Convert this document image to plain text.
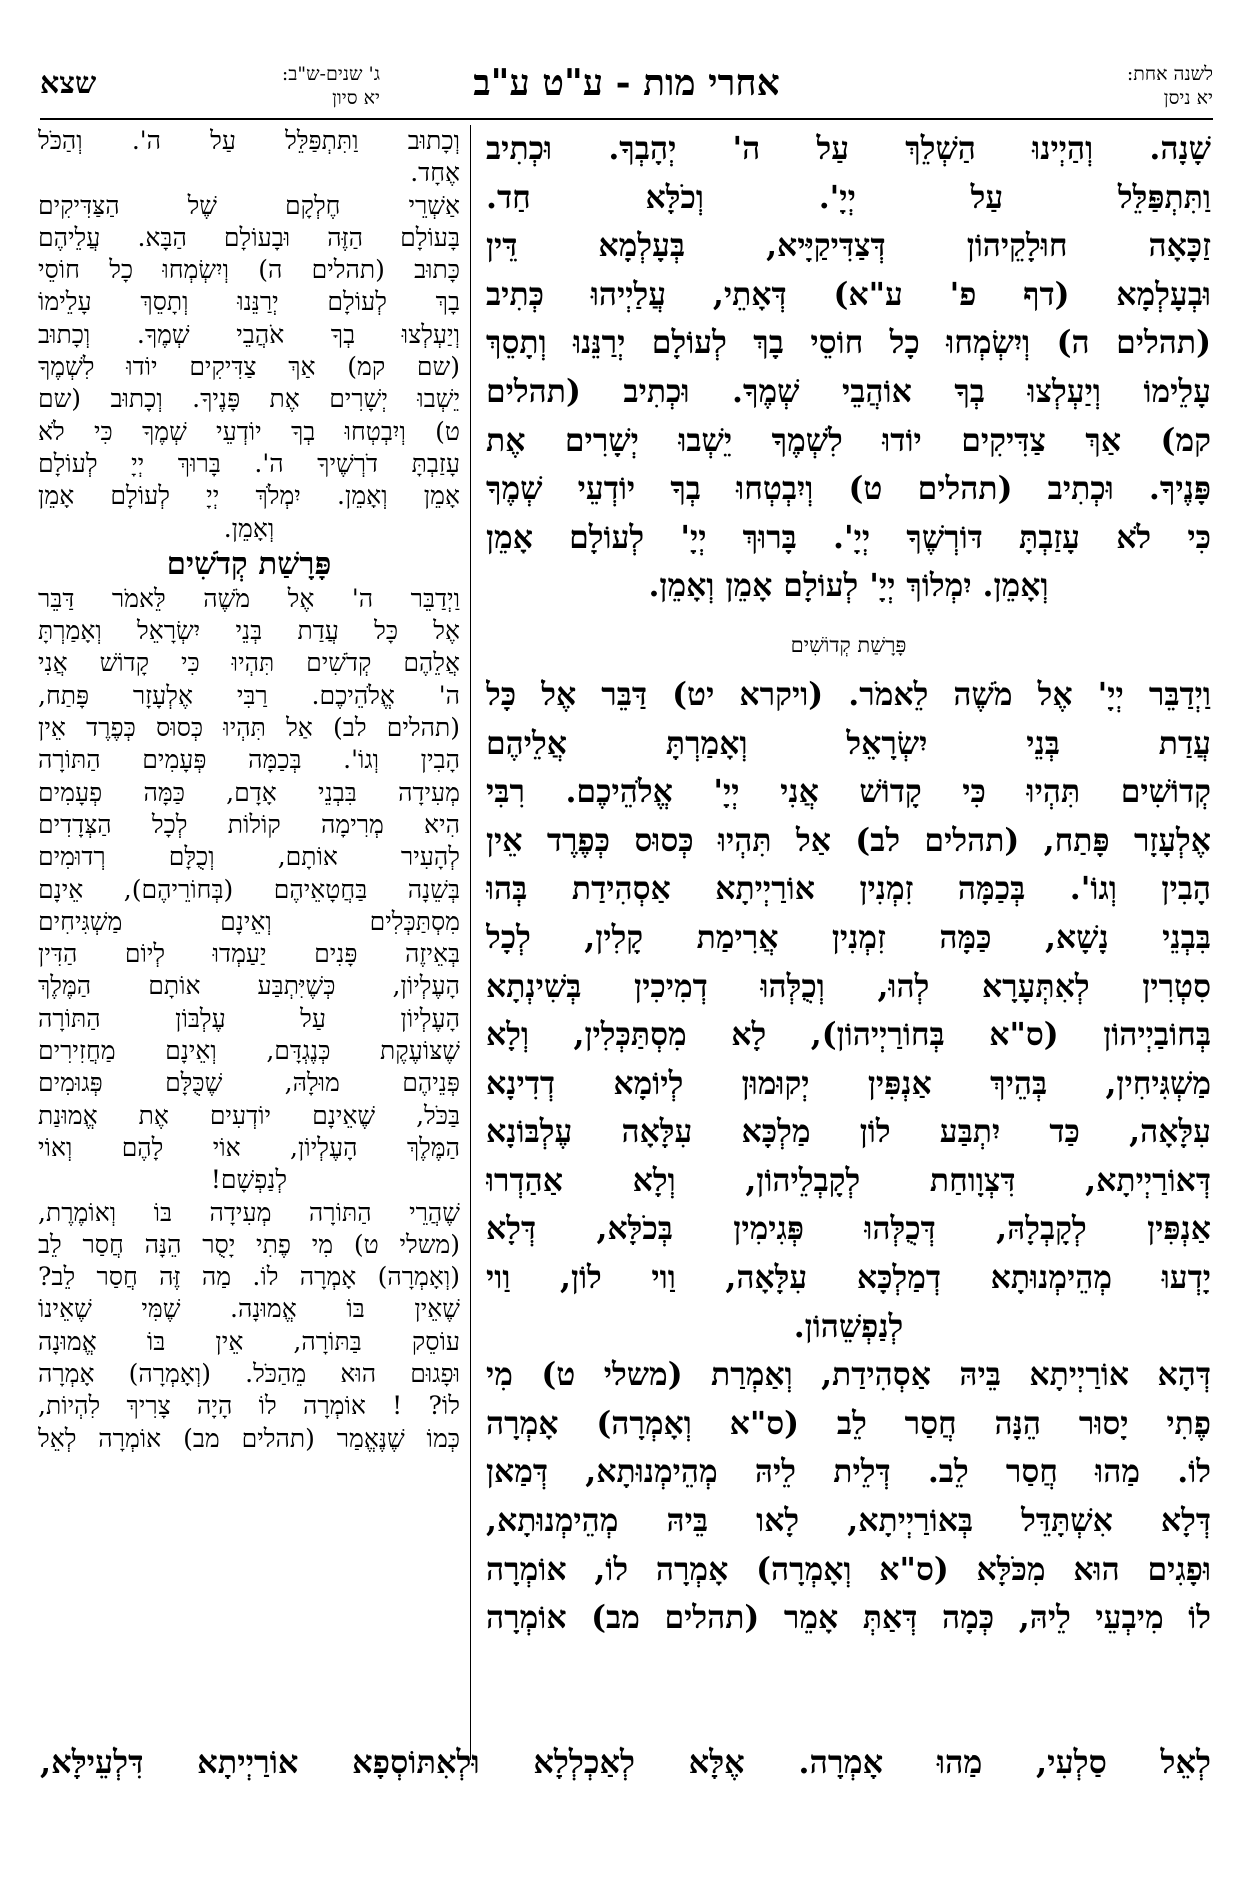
לשנה אחת:
יא ניסן
אחרי מות - ע"ט ע"ב
ג' שנים-ש"ב:
יא סיון
שצא
שָׁנָה. וְהַיְינוּ הַשְׁלֵךְ עַל ה' יְהָבְךָ. וּכְתִיב
וַתִּתְפַּלֵּל עַל יְיָ'. וְכֹלָּא חַד.
זַכָּאָה חוּלָקֵיהוֹן דְּצַדִּיקַיָּיא, בְּעָלְמָא דֵּין
וּבְעָלְמָא (דף פ' ע"א) דְּאָתֵי, עֲלַיְיהוּ כְּתִיב
(תהלים ה) וְיִשְׂמְחוּ כָל חוֹסֵי בָךְ לְעוֹלָם יְרַנֵּנוּ וְתָסֵךְ
עָלֵימוֹ וְיַעְלְצוּ בְךָ אוֹהֲבֵי שְׁמֶךָ. וּכְתִיב (תהלים
קמ) אַךְ צַדִּיקִים יוֹדוּ לִשְׁמֶךָ יֵשְׁבוּ יְשָׁרִים אֶת
פָּנֶיךָ. וּכְתִיב (תהלים ט) וְיִבְטְחוּ בְךָ יוֹדְעֵי שְׁמֶךָ
כִּי לֹא עָזַבְתָּ דּוֹרְשֶׁךָ יְיָ'. בָּרוּךְ יְיָ' לְעוֹלָם אָמֵן
וְאָמֵן. יִמְלוֹךְ יְיָ' לְעוֹלָם אָמֵן וְאָמֵן.
פָּרָשַׁת קְדוֹשִׁים
וַיְדַבֵּר יְיָ' אֶל מֹשֶׁה לֵאמֹר. (ויקרא יט) דַּבֵּר אֶל כָּל
עֲדַת בְּנֵי יִשְׂרָאֵל וְאָמַרְתָּ אֲלֵיהֶם
קְדוֹשִׁים תִּהְיוּ כִּי קָדוֹשׁ אֲנִי יְיָ' אֱלֹהֵיכֶם. רִבִּי
אֶלְעָזָר פָּתַח, (תהלים לב) אַל תִּהְיוּ כְּסוּס כְּפֶרֶד אֵין
הָבִין וְגוֹ'. בְּכַמָּה זִמְנִין אוֹרַיְיתָא אַסְהִידַת בְּהוּ
בִּבְנֵי נָשָׁא, כַּמָּה זִמְנִין אֲרִימַת קָלִין, לְכָל
סִטְרִין לְאִתְּעָרָא לְהוּ, וְכֻלְּהוּ דְמִיכִין בְּשִׁינְתָא
בְּחוֹבַיְיהוֹן (ס"א בְּחוֹרַיְיהוֹן), לָא מִסְתַּכְּלִין, וְלָא
מַשְׁגִּיחִין, בְּהֵיךְ אַנְפִּין יְקוּמוּן לְיוֹמָא דְדִינָא
עִלָּאָה, כַּד יִתְבַּע לוֹן מַלְכָּא עִלָּאָה עֶלְבּוֹנָא
דְּאוֹרַיְיתָא, דִּצְוָוחַת לְקָבְלֵיהוֹן, וְלָא אַהַדְרוּ
אַנְפִּין לְקָבְלָהּ, דְּכֻלְּהוּ פְּגִימִין בְּכֹלָּא, דְּלָא
יָדְעוּ מְהֵימְנוּתָא דְמַלְכָּא עִלָּאָה, וַוי לוֹן, וַוי
לְנַפְשֵׁהוֹן.
דְּהָא אוֹרַיְיתָא בֵּיהּ אַסְהִידַת, וְאַמְרַת (משלי ט) מִי
פֶתִי יָסוּר הֵנָּה חֲסַר לֵב (ס"א וְאָמְרָה) אָמְרָה
לוֹ. מַהוּ חֲסַר לֵב. דְּלֵית לֵיהּ מְהֵימְנוּתָא, דְּמַאן
דְּלָא אִשְׁתָּדֵּל בְּאוֹרַיְיתָא, לָאו בֵּיהּ מְהֵימְנוּתָא,
וּפָגִים הוּא מִכֹּלָּא (ס"א וְאָמְרָה) אָמְרָה לוֹ, אוֹמְרָה
לוֹ מִיבְעֵי לֵיהּ, כְּמָה דְּאַתְּ אָמֵר (תהלים מב) אוֹמְרָה
וְכָתוּב וַתִּתְפַּלֵּל עַל ה'. וְהַכֹּל
אֶחָד.
אַשְׁרֵי חֶלְקָם שֶׁל הַצַּדִּיקִים
בָּעוֹלָם הַזֶּה וּבָעוֹלָם הַבָּא. עֲלֵיהֶם
כָּתוּב (תהלים ה) וְיִשְׂמְחוּ כָל חוֹסֵי
בָךְ לְעוֹלָם יְרַנֵּנוּ וְתָסֵךְ עָלֵימוֹ
וְיַעְלְצוּ בְךָ אֹהֲבֵי שְׁמֶךָ. וְכָתוּב
(שם קמ) אַךְ צַדִּיקִים יוֹדוּ לִשְׁמֶךָ
יֵשְׁבוּ יְשָׁרִים אֶת פָּנֶיךָ. וְכָתוּב (שם
ט) וְיִבְטְחוּ בְךָ יוֹדְעֵי שְׁמֶךָ כִּי לֹא
עָזַבְתָּ דֹרְשֶׁיךָ ה'. בָּרוּךְ יְיָ לְעוֹלָם
אָמֵן וְאָמֵן. יִמְלֹךְ יְיָ לְעוֹלָם אָמֵן
וְאָמֵן.
פָּרָשַׁת קְדֹשִׁים
וַיְדַבֵּר ה' אֶל מֹשֶׁה לֵּאמֹר דַּבֵּר
אֶל כָּל עֲדַת בְּנֵי יִשְׂרָאֵל וְאָמַרְתָּ
אֲלֵהֶם קְדֹשִׁים תִּהְיוּ כִּי קָדוֹשׁ אֲנִי
ה' אֱלֹהֵיכֶם. רַבִּי אֶלְעָזָר פָּתַח,
(תהלים לב) אַל תִּהְיוּ כְּסוּס כְּפֶרֶד אֵין
הָבִין וְגוֹ'. בְּכַמָּה פְּעָמִים הַתּוֹרָה
מְעִידָה בִּבְנֵי אָדָם, כַּמָּה פְעָמִים
הִיא מְרִימָה קוֹלוֹת לְכָל הַצְּדָדִים
לְהָעִיר אוֹתָם, וְכֻלָּם רְדוּמִים
בְּשֵׁנָה בַּחֲטָאֵיהֶם (בְּחוֹרֵיהֶם), אֵינָם
מִסְתַּכְּלִים וְאֵינָם מַשְׁגִּיחִים
בְּאֵיזֶה פָּנִים יַעַמְדוּ לְיוֹם הַדִּין
הָעֶלְיוֹן, כְּשֶׁיִּתְבַּע אוֹתָם הַמֶּלֶךְ
הָעֶלְיוֹן עַל עֶלְבּוֹן הַתּוֹרָה
שֶׁצּוֹעֶקֶת כְּנֶגְדָּם, וְאֵינָם מַחֲזִירִים
פְּנֵיהֶם מוּלָהּ, שֶׁכֻּלָּם פְּגוּמִים
בַּכֹּל, שֶׁאֵינָם יוֹדְעִים אֶת אֱמוּנַת
הַמֶּלֶךְ הָעֶלְיוֹן, אוֹי לָהֶם וְאוֹי
לְנַפְשָׁם!
שֶׁהֲרֵי הַתּוֹרָה מְעִידָה בּוֹ וְאוֹמֶרֶת,
(משלי ט) מִי פֶתִי יָסֻר הֵנָּה חֲסַר לֵב
(וְאָמְרָה) אָמְרָה לוֹ. מַה זֶּה חֲסַר לֵב?
שֶׁאֵין בּוֹ אֱמוּנָה. שֶׁמִּי שֶׁאֵינוֹ
עוֹסֵק בַּתּוֹרָה, אֵין בּוֹ אֱמוּנָה
וּפָגוּם הוּא מֵהַכֹּל. (וְאָמְרָה) אָמְרָה
לוֹ? ! אוֹמְרָה לוֹ הָיָה צָרִיךְ לִהְיוֹת,
כְּמוֹ שֶׁנֶּאֱמַר (תהלים מב) אוֹמְרָה לְאֵל
לְאֵל סַלְעִי, מַהוּ אָמְרָה. אֶלָּא לְאַכְלְלָא וּלְאִתּוֹסְפָא אוֹרַיְיתָא דִּלְעֵילָּא,
